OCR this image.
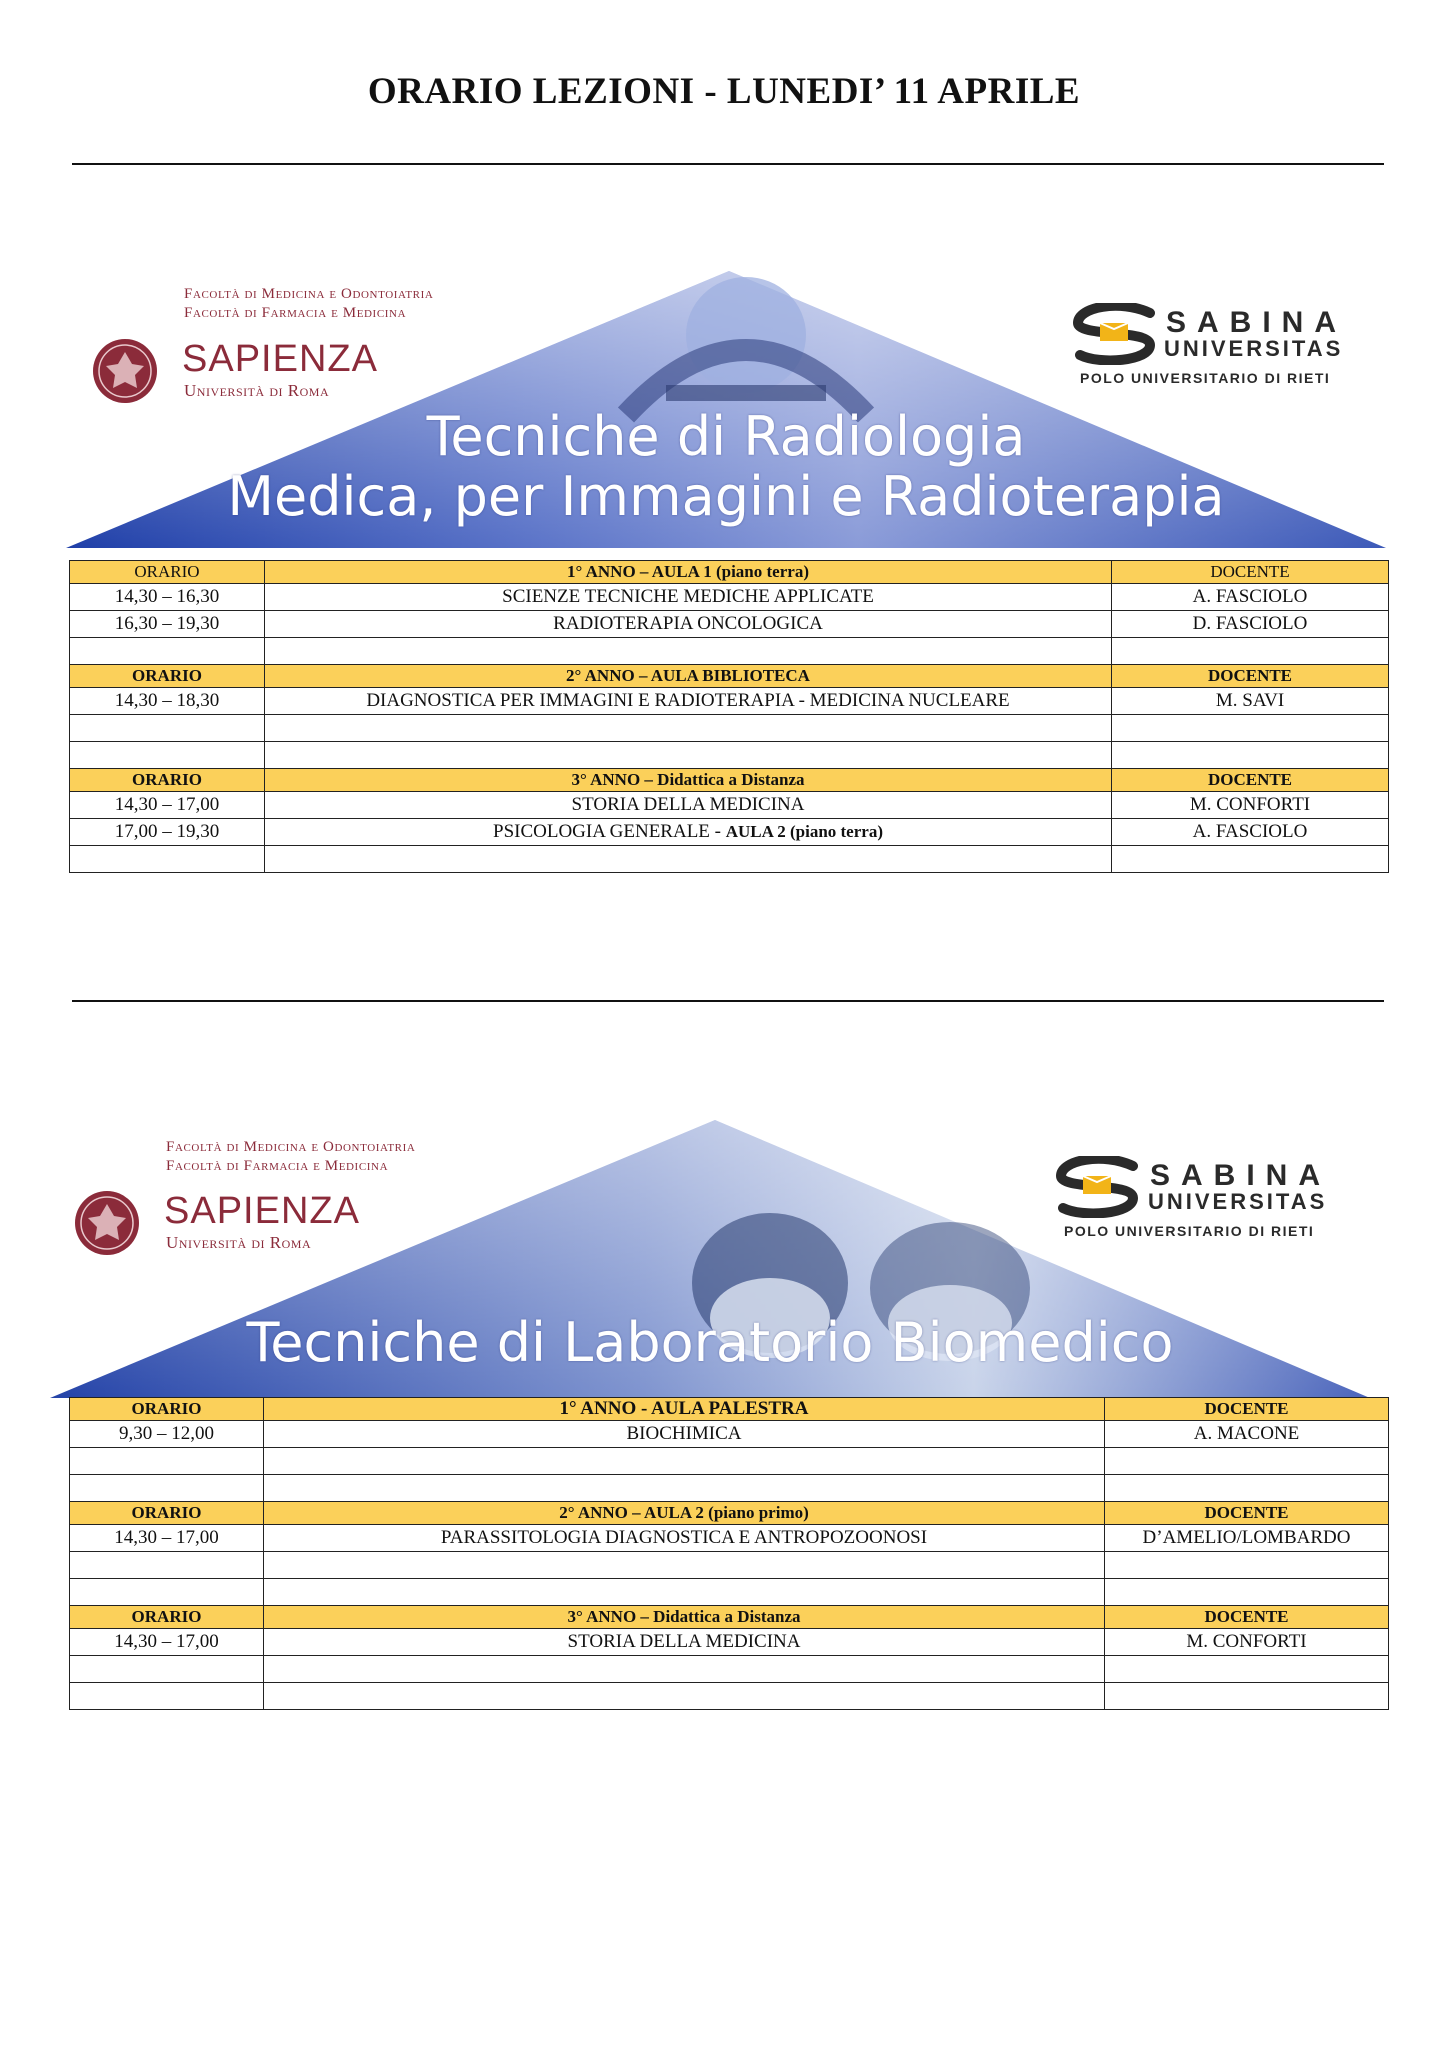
ORARIO LEZIONI - LUNEDI’ 11 APRILE
Facoltà di Medicina e Odontoiatria
Facoltà di Farmacia e Medicina
SAPIENZA
Università di Roma
SABINA
UNIVERSITAS
POLO UNIVERSITARIO DI RIETI
Tecniche di Radiologia
Medica, per Immagini e Radioterapia
ORARIO	1° ANNO – AULA 1 (piano terra)	DOCENTE
14,30 – 16,30	SCIENZE TECNICHE MEDICHE APPLICATE	A. FASCIOLO
16,30 – 19,30	RADIOTERAPIA ONCOLOGICA	D. FASCIOLO

ORARIO	2° ANNO – AULA BIBLIOTECA	DOCENTE
14,30 – 18,30	DIAGNOSTICA PER IMMAGINI E RADIOTERAPIA - MEDICINA NUCLEARE	M. SAVI

ORARIO	3° ANNO – Didattica a Distanza	DOCENTE
14,30 – 17,00	STORIA DELLA MEDICINA	M. CONFORTI
17,00 – 19,30	PSICOLOGIA GENERALE - AULA 2 (piano terra)	A. FASCIOLO

Facoltà di Medicina e Odontoiatria
Facoltà di Farmacia e Medicina
SAPIENZA
Università di Roma
SABINA
UNIVERSITAS
POLO UNIVERSITARIO DI RIETI
Tecniche di Laboratorio Biomedico
ORARIO	1° ANNO - AULA PALESTRA	DOCENTE
9,30 – 12,00	BIOCHIMICA	A. MACONE

ORARIO	2° ANNO – AULA 2 (piano primo)	DOCENTE
14,30 – 17,00	PARASSITOLOGIA DIAGNOSTICA E ANTROPOZOONOSI	D’AMELIO/LOMBARDO

ORARIO	3° ANNO – Didattica a Distanza	DOCENTE
14,30 – 17,00	STORIA DELLA MEDICINA	M. CONFORTI
